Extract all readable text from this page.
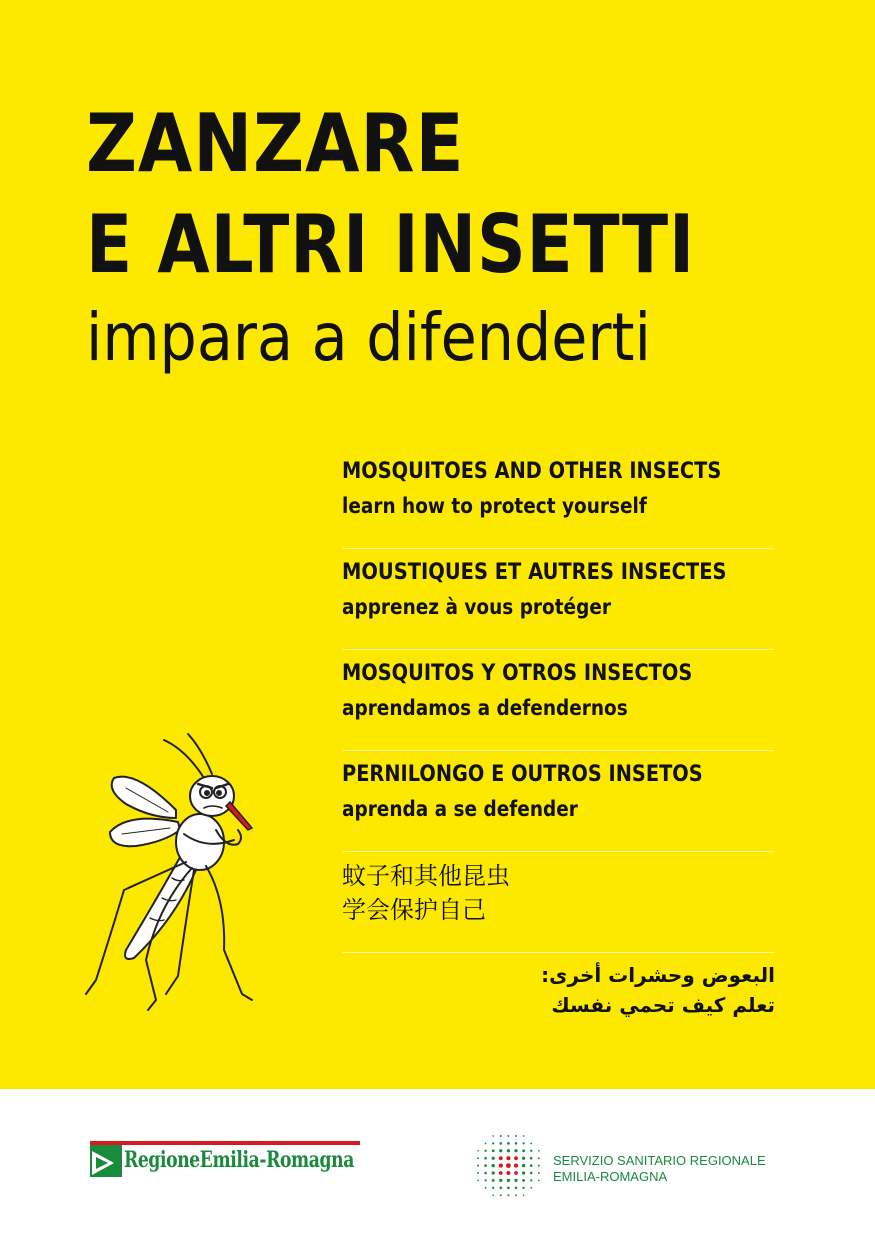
ZANZARE
E ALTRI INSETTI
impara a difenderti
MOSQUITOES AND OTHER INSECTS
learn how to protect yourself
MOUSTIQUES ET AUTRES INSECTES
apprenez à vous protéger
MOSQUITOS Y OTROS INSECTOS
aprendamos a defendernos
PERNILONGO E OUTROS INSETOS
aprenda a se defender
蚊子和其他昆虫
学会保护自己
البعوض وحشرات أخرى:
تعلم كيف تحمي نفسك
RegioneEmilia-Romagna	SERVIZIO SANITARIO REGIONALE
EMILIA-ROMAGNA
